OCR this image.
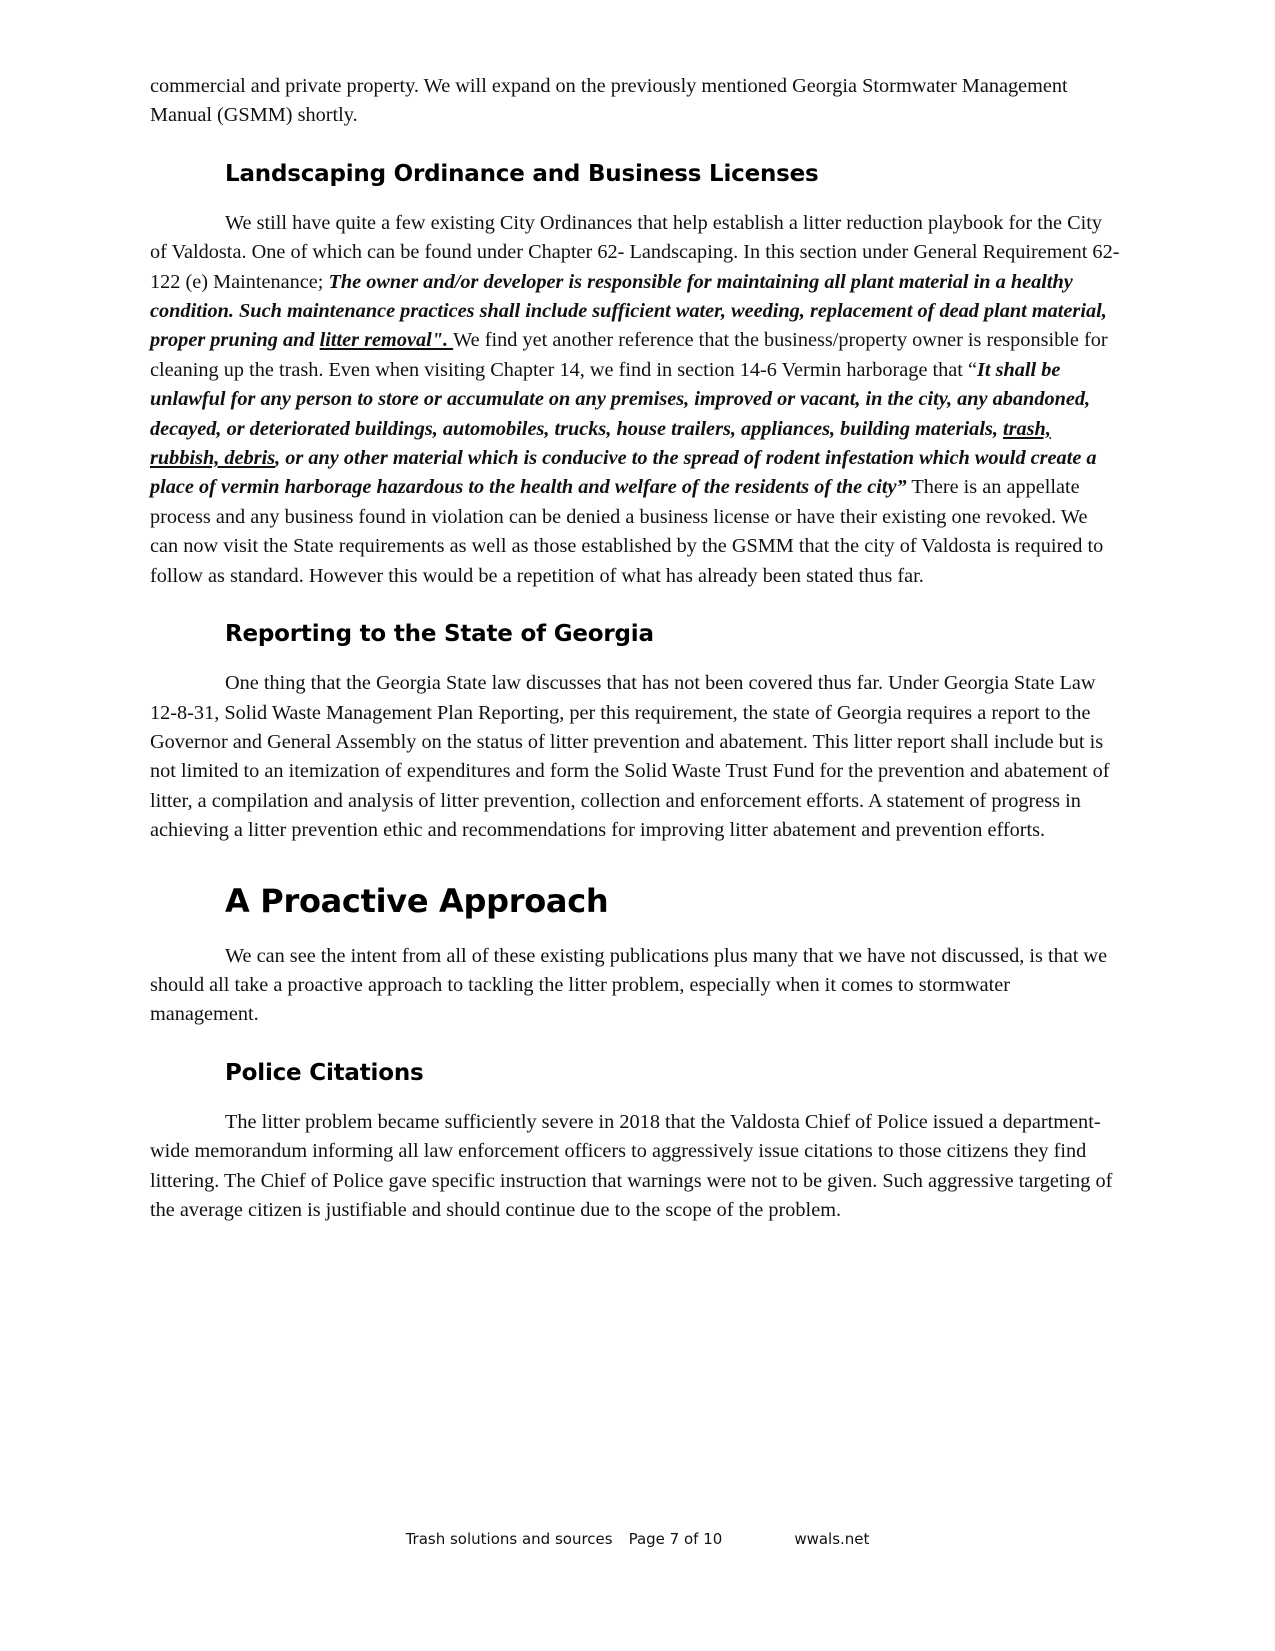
commercial and private property. We will expand on the previously mentioned Georgia Stormwater Management Manual (GSMM) shortly.

Landscaping Ordinance and Business Licenses

We still have quite a few existing City Ordinances that help establish a litter reduction playbook for the City of Valdosta. One of which can be found under Chapter 62- Landscaping. In this section under General Requirement 62-122 (e) Maintenance; The owner and/or developer is responsible for maintaining all plant material in a healthy condition. Such maintenance practices shall include sufficient water, weeding, replacement of dead plant material, proper pruning and litter removal". We find yet another reference that the business/property owner is responsible for cleaning up the trash. Even when visiting Chapter 14, we find in section 14-6 Vermin harborage that “It shall be unlawful for any person to store or accumulate on any premises, improved or vacant, in the city, any abandoned, decayed, or deteriorated buildings, automobiles, trucks, house trailers, appliances, building materials, trash, rubbish, debris, or any other material which is conducive to the spread of rodent infestation which would create a place of vermin harborage hazardous to the health and welfare of the residents of the city” There is an appellate process and any business found in violation can be denied a business license or have their existing one revoked. We can now visit the State requirements as well as those established by the GSMM that the city of Valdosta is required to follow as standard. However this would be a repetition of what has already been stated thus far.

Reporting to the State of Georgia

One thing that the Georgia State law discusses that has not been covered thus far. Under Georgia State Law 12-8-31, Solid Waste Management Plan Reporting, per this requirement, the state of Georgia requires a report to the Governor and General Assembly on the status of litter prevention and abatement. This litter report shall include but is not limited to an itemization of expenditures and form the Solid Waste Trust Fund for the prevention and abatement of litter, a compilation and analysis of litter prevention, collection and enforcement efforts. A statement of progress in achieving a litter prevention ethic and recommendations for improving litter abatement and prevention efforts.

A Proactive Approach

We can see the intent from all of these existing publications plus many that we have not discussed, is that we should all take a proactive approach to tackling the litter problem, especially when it comes to stormwater management.

Police Citations

The litter problem became sufficiently severe in 2018 that the Valdosta Chief of Police issued a department-wide memorandum informing all law enforcement officers to aggressively issue citations to those citizens they find littering. The Chief of Police gave specific instruction that warnings were not to be given. Such aggressive targeting of the average citizen is justifiable and should continue due to the scope of the problem.

Trash solutions and sources Page 7 of 10	wwals.net
